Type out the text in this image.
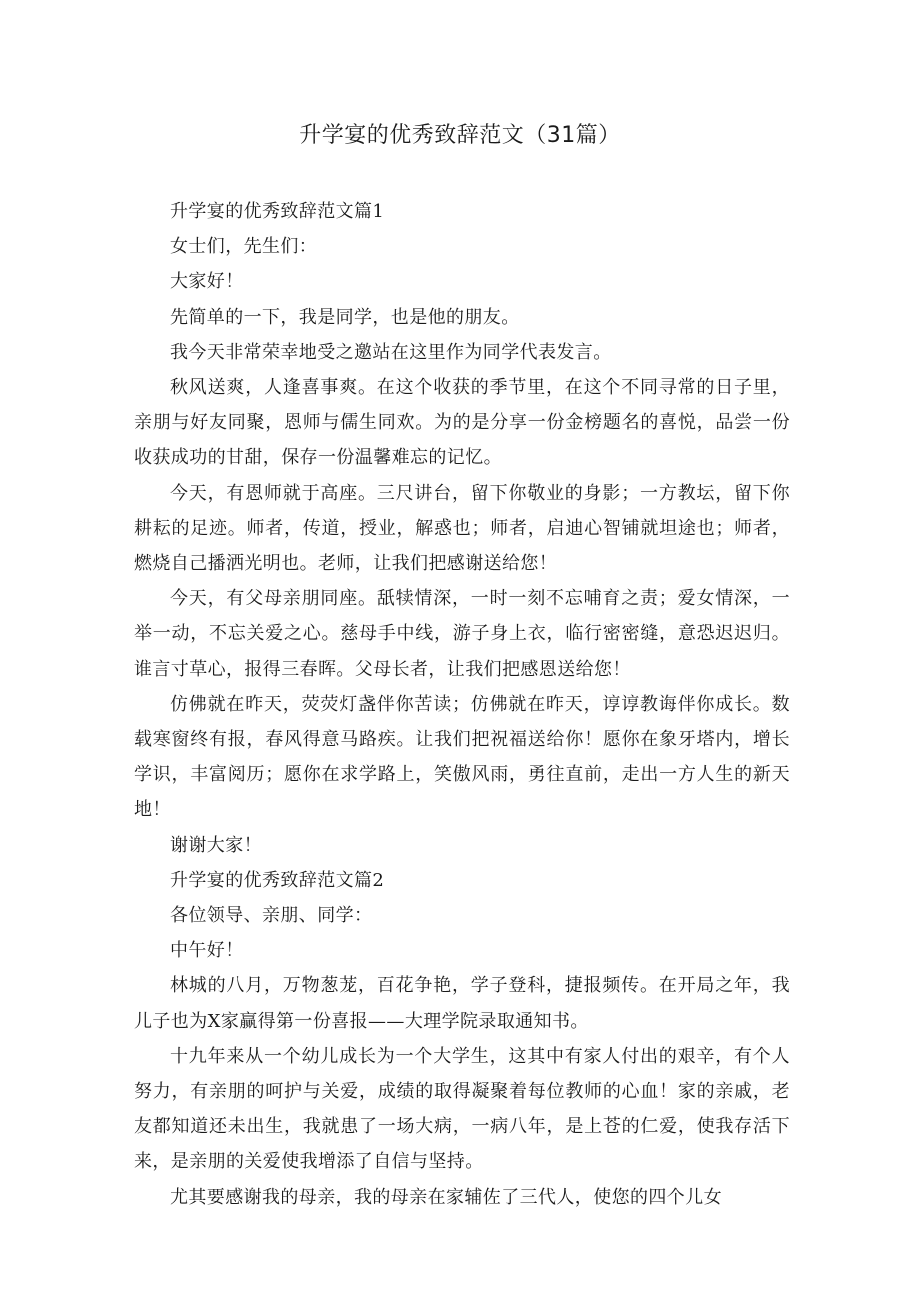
升学宴的优秀致辞范文（31篇）

升学宴的优秀致辞范文篇1

女士们，先生们：

大家好！

先简单的一下，我是同学，也是他的朋友。

我今天非常荣幸地受之邀站在这里作为同学代表发言。

秋风送爽，人逢喜事爽。在这个收获的季节里，在这个不同寻常的日子里，亲朋与好友同聚，恩师与儒生同欢。为的是分享一份金榜题名的喜悦，品尝一份收获成功的甘甜，保存一份温馨难忘的记忆。

今天，有恩师就于高座。三尺讲台，留下你敬业的身影；一方教坛，留下你耕耘的足迹。师者，传道，授业，解惑也；师者，启迪心智铺就坦途也；师者，燃烧自己播洒光明也。老师，让我们把感谢送给您！

今天，有父母亲朋同座。舐犊情深，一时一刻不忘哺育之责；爱女情深，一举一动，不忘关爱之心。慈母手中线，游子身上衣，临行密密缝，意恐迟迟归。谁言寸草心，报得三春晖。父母长者，让我们把感恩送给您！

仿佛就在昨天，荧荧灯盏伴你苦读；仿佛就在昨天，谆谆教诲伴你成长。数载寒窗终有报，春风得意马路疾。让我们把祝福送给你！愿你在象牙塔内，增长学识，丰富阅历；愿你在求学路上，笑傲风雨，勇往直前，走出一方人生的新天地！

谢谢大家！

升学宴的优秀致辞范文篇2

各位领导、亲朋、同学：

中午好！

林城的八月，万物葱茏，百花争艳，学子登科，捷报频传。在开局之年，我儿子也为X家赢得第一份喜报——大理学院录取通知书。

十九年来从一个幼儿成长为一个大学生，这其中有家人付出的艰辛，有个人努力，有亲朋的呵护与关爱，成绩的取得凝聚着每位教师的心血！家的亲戚，老友都知道还未出生，我就患了一场大病，一病八年，是上苍的仁爱，使我存活下来，是亲朋的关爱使我增添了自信与坚持。

尤其要感谢我的母亲，我的母亲在家辅佐了三代人，使您的四个儿女
